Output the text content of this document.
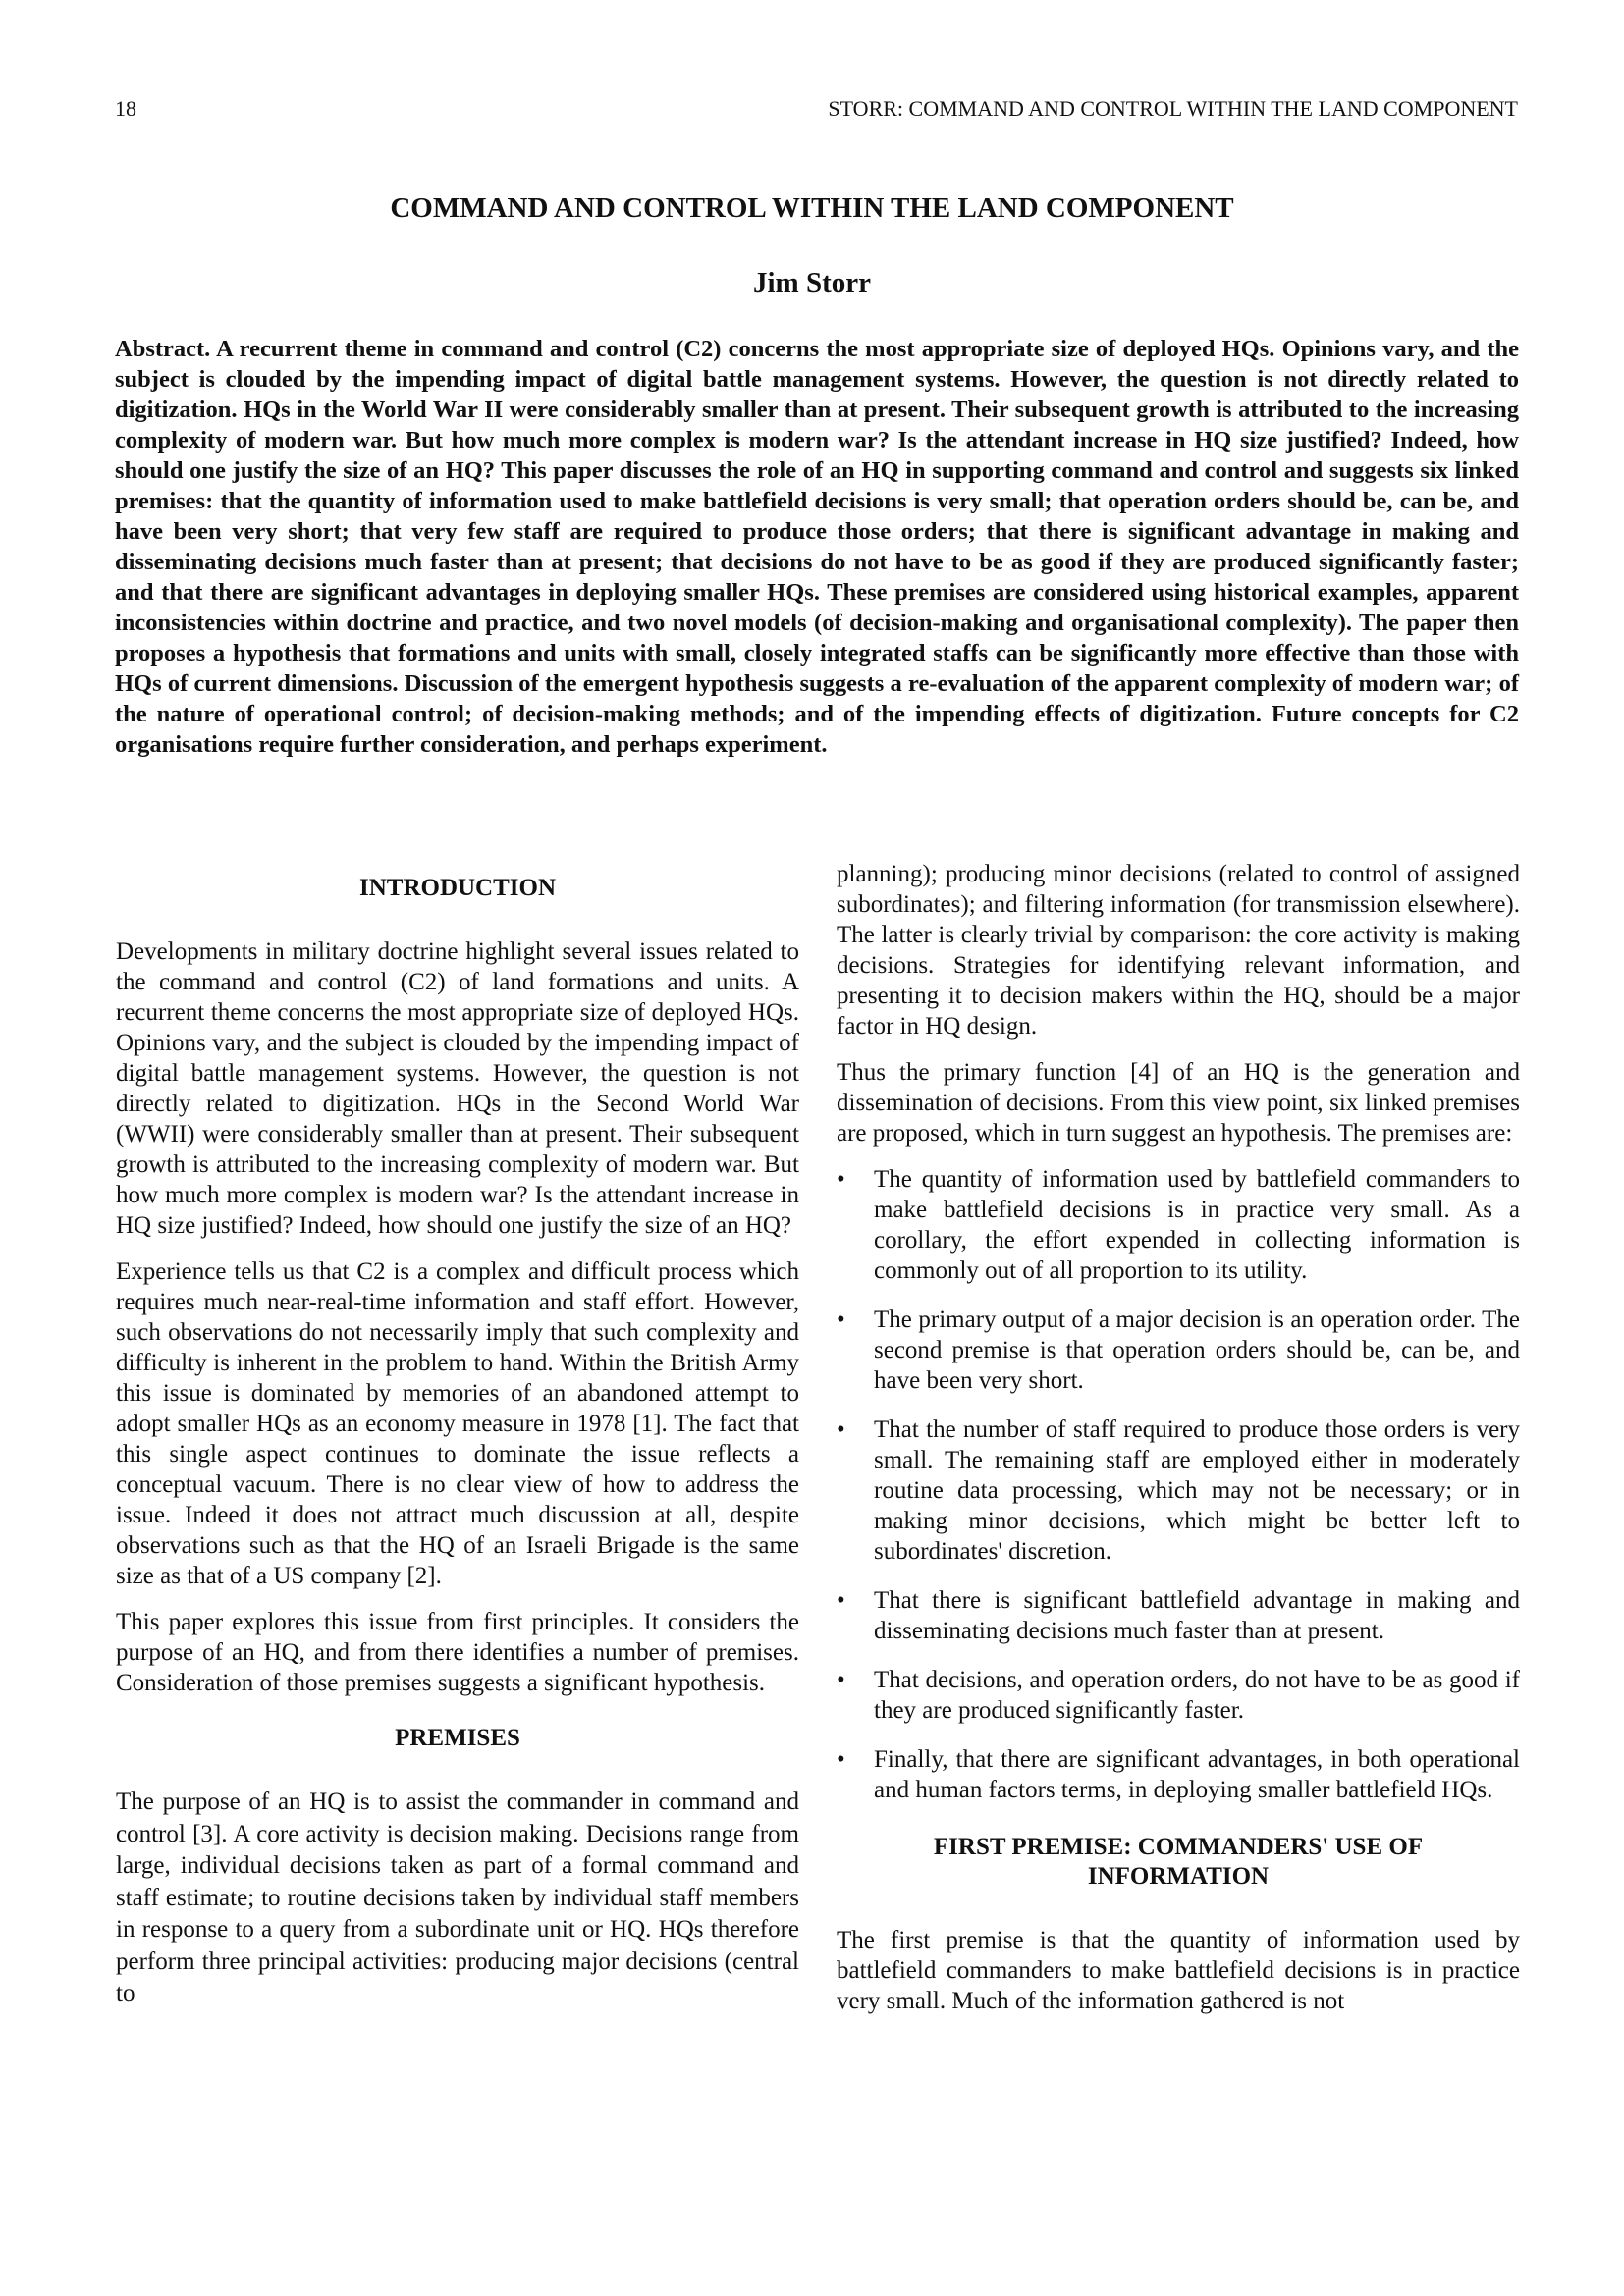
18	STORR: COMMAND AND CONTROL WITHIN THE LAND COMPONENT
COMMAND AND CONTROL WITHIN THE LAND COMPONENT
Jim Storr

Abstract. A recurrent theme in command and control (C2) concerns the most appropriate size of deployed HQs. Opinions vary, and the subject is clouded by the impending impact of digital battle management systems. However, the question is not directly related to digitization. HQs in the World War II were considerably smaller than at present. Their subsequent growth is attributed to the increasing complexity of modern war. But how much more complex is modern war? Is the attendant increase in HQ size justified? Indeed, how should one justify the size of an HQ? This paper discusses the role of an HQ in supporting command and control and suggests six linked premises: that the quantity of information used to make battlefield decisions is very small; that operation orders should be, can be, and have been very short; that very few staff are required to produce those orders; that there is significant advantage in making and disseminating decisions much faster than at present; that decisions do not have to be as good if they are produced significantly faster; and that there are significant advantages in deploying smaller HQs. These premises are considered using historical examples, apparent inconsistencies within doctrine and practice, and two novel models (of decision-making and organisational complexity). The paper then proposes a hypothesis that formations and units with small, closely integrated staffs can be significantly more effective than those with HQs of current dimensions. Discussion of the emergent hypothesis suggests a re-evaluation of the apparent complexity of modern war; of the nature of operational control; of decision-making methods; and of the impending effects of digitization. Future concepts for C2 organisations require further consideration, and perhaps experiment.

INTRODUCTION

Developments in military doctrine highlight several issues related to the command and control (C2) of land formations and units. A recurrent theme concerns the most appropriate size of deployed HQs. Opinions vary, and the subject is clouded by the impending impact of digital battle management systems. However, the question is not directly related to digitization. HQs in the Second World War (WWII) were considerably smaller than at present. Their subsequent growth is attributed to the increasing complexity of modern war. But how much more complex is modern war? Is the attendant increase in HQ size justified? Indeed, how should one justify the size of an HQ?

Experience tells us that C2 is a complex and difficult process which requires much near-real-time information and staff effort. However, such observations do not necessarily imply that such complexity and difficulty is inherent in the problem to hand. Within the British Army this issue is dominated by memories of an abandoned attempt to adopt smaller HQs as an economy measure in 1978 [1]. The fact that this single aspect continues to dominate the issue reflects a conceptual vacuum. There is no clear view of how to address the issue. Indeed it does not attract much discussion at all, despite observations such as that the HQ of an Israeli Brigade is the same size as that of a US company [2].

This paper explores this issue from first principles. It considers the purpose of an HQ, and from there identifies a number of premises. Consideration of those premises suggests a significant hypothesis.

PREMISES

The purpose of an HQ is to assist the commander in command and control [3]. A core activity is decision making. Decisions range from large, individual decisions taken as part of a formal command and staff estimate; to routine decisions taken by individual staff members in response to a query from a subordinate unit or HQ. HQs therefore perform three principal activities: producing major decisions (central to

planning); producing minor decisions (related to control of assigned subordinates); and filtering information (for transmission elsewhere). The latter is clearly trivial by comparison: the core activity is making decisions. Strategies for identifying relevant information, and presenting it to decision makers within the HQ, should be a major factor in HQ design.

Thus the primary function [4] of an HQ is the generation and dissemination of decisions. From this view point, six linked premises are proposed, which in turn suggest an hypothesis. The premises are:

• The quantity of information used by battlefield commanders to make battlefield decisions is in practice very small. As a corollary, the effort expended in collecting information is commonly out of all proportion to its utility.
• The primary output of a major decision is an operation order. The second premise is that operation orders should be, can be, and have been very short.
• That the number of staff required to produce those orders is very small. The remaining staff are employed either in moderately routine data processing, which may not be necessary; or in making minor decisions, which might be better left to subordinates' discretion.
• That there is significant battlefield advantage in making and disseminating decisions much faster than at present.
• That decisions, and operation orders, do not have to be as good if they are produced significantly faster.
• Finally, that there are significant advantages, in both operational and human factors terms, in deploying smaller battlefield HQs.
FIRST PREMISE: COMMANDERS' USE OF
INFORMATION

The first premise is that the quantity of information used by battlefield commanders to make battlefield decisions is in practice very small. Much of the information gathered is not
